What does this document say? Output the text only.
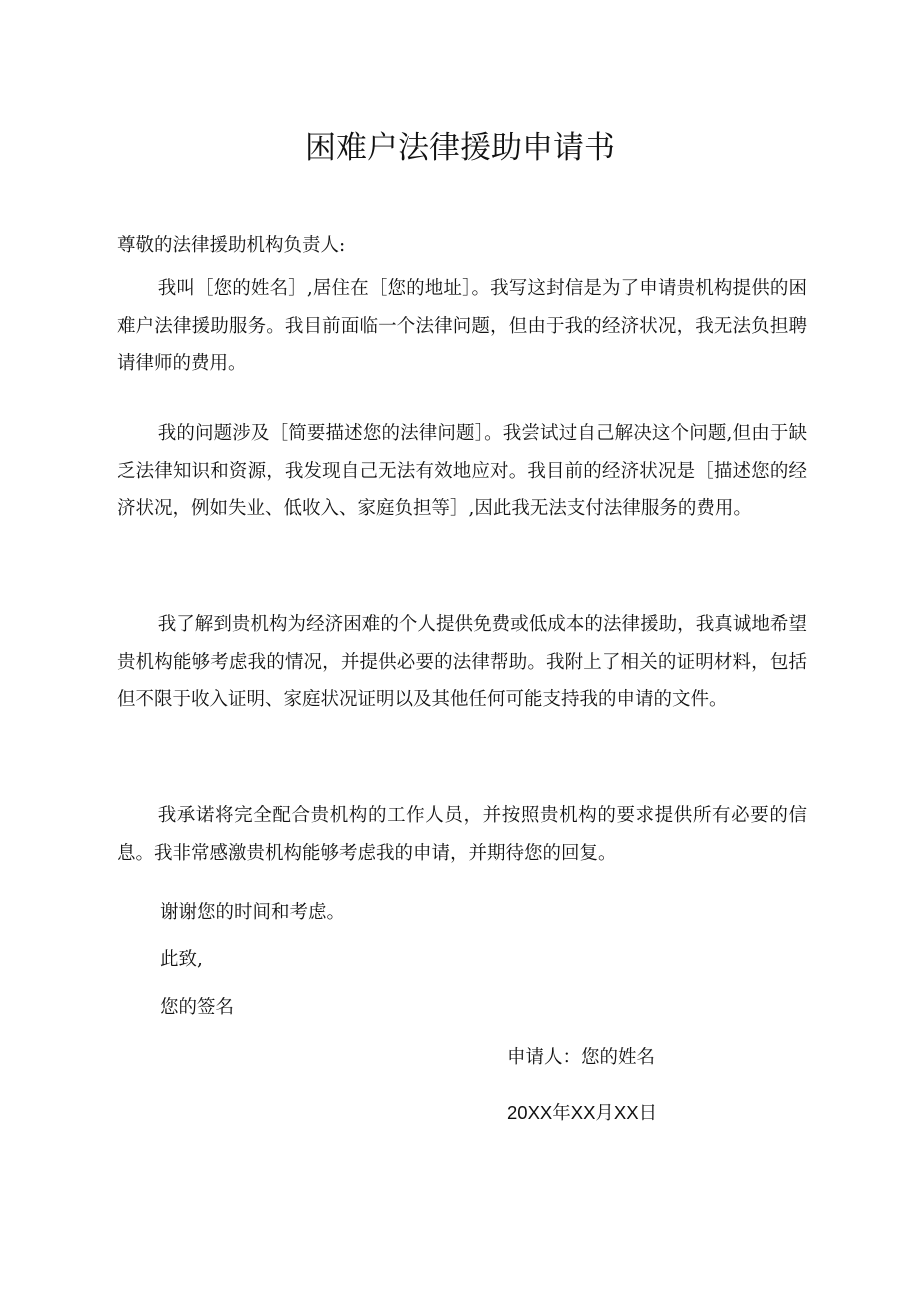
困难户法律援助申请书
尊敬的法律援助机构负责人:
我叫［您的姓名］,居住在［您的地址］。我写这封信是为了申请贵机构提供的困难户法律援助服务。我目前面临一个法律问题，但由于我的经济状况，我无法负担聘请律师的费用。
我的问题涉及［简要描述您的法律问题］。我尝试过自己解决这个问题,但由于缺乏法律知识和资源，我发现自己无法有效地应对。我目前的经济状况是［描述您的经济状况，例如失业、低收入、家庭负担等］,因此我无法支付法律服务的费用。
我了解到贵机构为经济困难的个人提供免费或低成本的法律援助，我真诚地希望贵机构能够考虑我的情况，并提供必要的法律帮助。我附上了相关的证明材料，包括但不限于收入证明、家庭状况证明以及其他任何可能支持我的申请的文件。
我承诺将完全配合贵机构的工作人员，并按照贵机构的要求提供所有必要的信息。我非常感激贵机构能够考虑我的申请，并期待您的回复。
谢谢您的时间和考虑。
此致,
您的签名
申请人：您的姓名
20XX年XX月XX日
